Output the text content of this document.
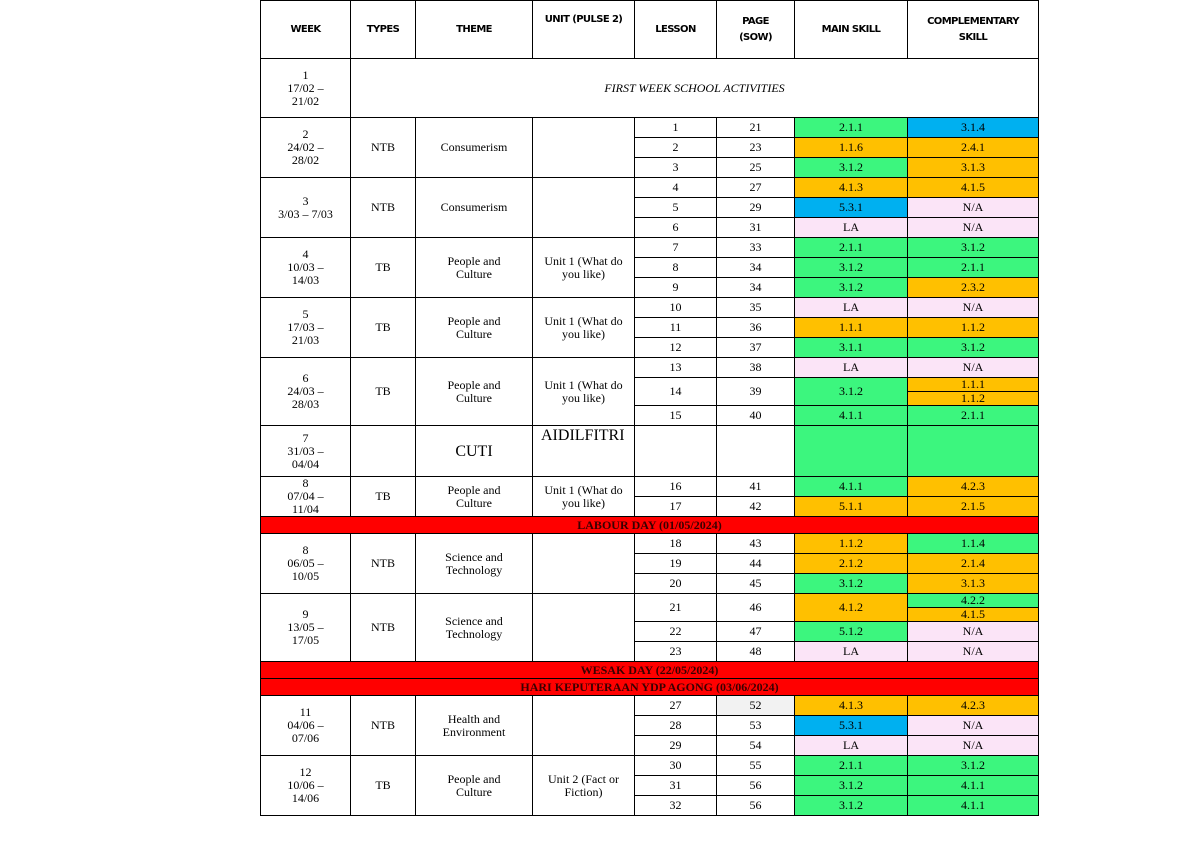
WEEK	TYPES	THEME	UNIT (PULSE 2)	LESSON	PAGE (SOW)	MAIN SKILL	COMPLEMENTARY SKILL

1
17/02 – 21/02	FIRST WEEK SCHOOL ACTIVITIES						

2
24/02 – 28/02	NTB	Consumerism		1	21	2.1.1	3.1.4
				2	23	1.1.6	2.4.1
				3	25	3.1.2	3.1.3

3
3/03 – 7/03	NTB	Consumerism		4	27	4.1.3	4.1.5
				5	29	5.3.1	N/A
				6	31	LA	N/A

4
10/03 – 14/03	TB	People and Culture	Unit 1 (What do you like)	7	33	2.1.1	3.1.2
				8	34	3.1.2	2.1.1
				9	34	3.1.2	2.3.2

5
17/03 – 21/03	TB	People and Culture	Unit 1 (What do you like)	10	35	LA	N/A
				11	36	1.1.1	1.1.2
				12	37	3.1.1	3.1.2

6
24/03 – 28/03	TB	People and Culture	Unit 1 (What do you like)	13	38	LA	N/A
				14	39	3.1.2	1.1.1
							1.1.2
				15	40	4.1.1	2.1.1

7
31/03 – 04/04		CUTI	AIDILFITRI				

8
07/04 – 11/04	TB	People and Culture	Unit 1 (What do you like)	16	41	4.1.1	4.2.3
				17	42	5.1.1	2.1.5
LABOUR DAY (01/05/2024)							

8
06/05 – 10/05	NTB	Science and Technology		18	43	1.1.2	1.1.4
				19	44	2.1.2	2.1.4
				20	45	3.1.2	3.1.3

9
13/05 – 17/05	NTB	Science and Technology		21	46	4.1.2	4.2.2
							4.1.5
				22	47	5.1.2	N/A
				23	48	LA	N/A
WESAK DAY (22/05/2024)							
HARI KEPUTERAAN YDP AGONG (03/06/2024)							

11
04/06 – 07/06	NTB	Health and Environment		27	52	4.1.3	4.2.3
				28	53	5.3.1	N/A
				29	54	LA	N/A

12
10/06 – 14/06	TB	People and Culture	Unit 2 (Fact or Fiction)	30	55	2.1.1	3.1.2
				31	56	3.1.2	4.1.1
				32	56	3.1.2	4.1.1
